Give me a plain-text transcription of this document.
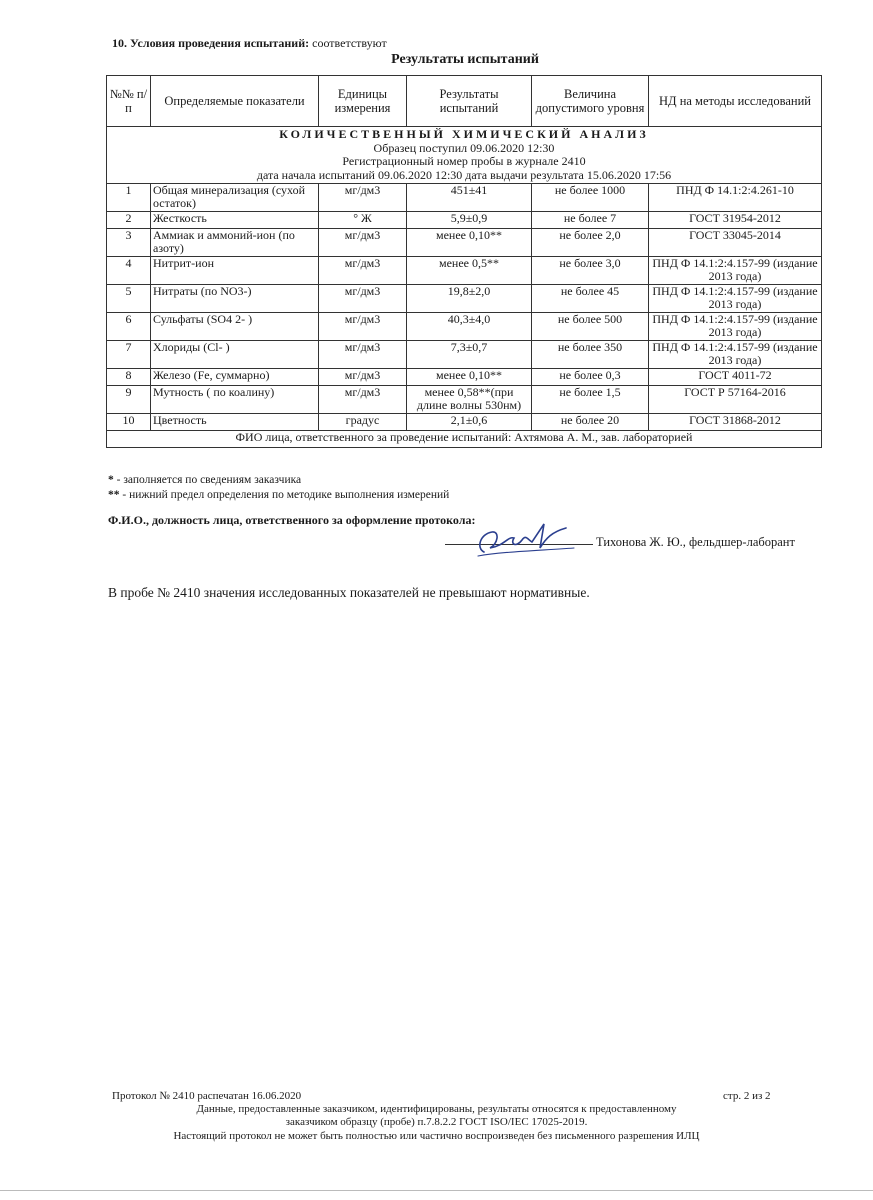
10. Условия проведения испытаний: соответствуют
Результаты испытаний
№№ п/п	Определяемые показатели	Единицы измерения	Результаты испытаний	Величина допустимого уровня	НД на методы исследований

КОЛИЧЕСТВЕННЫЙ ХИМИЧЕСКИЙ АНАЛИЗ
Образец поступил 09.06.2020 12:30
Регистрационный номер пробы в журнале 2410
дата начала испытаний 09.06.2020 12:30 дата выдачи результата 15.06.2020 17:56					

1	Общая минерализация (сухой остаток)	мг/дм3	451±41	не более 1000	ПНД Ф 14.1:2:4.261-10
2	Жесткость	° Ж	5,9±0,9	не более 7	ГОСТ 31954-2012
3	Аммиак и аммоний-ион (по азоту)	мг/дм3	менее 0,10**	не более 2,0	ГОСТ 33045-2014
4	Нитрит-ион	мг/дм3	менее 0,5**	не более 3,0	ПНД Ф 14.1:2:4.157-99 (издание 2013 года)
5	Нитраты (по NO3-)	мг/дм3	19,8±2,0	не более 45	ПНД Ф 14.1:2:4.157-99 (издание 2013 года)
6	Сульфаты (SO4 2- )	мг/дм3	40,3±4,0	не более 500	ПНД Ф 14.1:2:4.157-99 (издание 2013 года)
7	Хлориды (Cl- )	мг/дм3	7,3±0,7	не более 350	ПНД Ф 14.1:2:4.157-99 (издание 2013 года)
8	Железо (Fe, суммарно)	мг/дм3	менее 0,10**	не более 0,3	ГОСТ 4011-72
9	Мутность ( по коалину)	мг/дм3	менее 0,58**(при длине волны 530нм)	не более 1,5	ГОСТ Р 57164-2016
10	Цветность	градус	2,1±0,6	не более 20	ГОСТ 31868-2012
ФИО лица, ответственного за проведение испытаний: Ахтямова А. М., зав. лабораторией					
* - заполняется по сведениям заказчика
** - нижний предел определения по методике выполнения измерений
Ф.И.О., должность лица, ответственного за оформление протокола:
Тихонова Ж. Ю., фельдшер-лаборант
В пробе № 2410 значения исследованных показателей не превышают нормативные.
Протокол № 2410 распечатан 16.06.2020	стр. 2 из 2
Данные, предоставленные заказчиком, идентифицированы, результаты относятся к предоставленному
заказчиком образцу (пробе) п.7.8.2.2 ГОСТ ISO/IEC 17025-2019.
Настоящий протокол не может быть полностью или частично воспроизведен без письменного разрешения ИЛЦ
